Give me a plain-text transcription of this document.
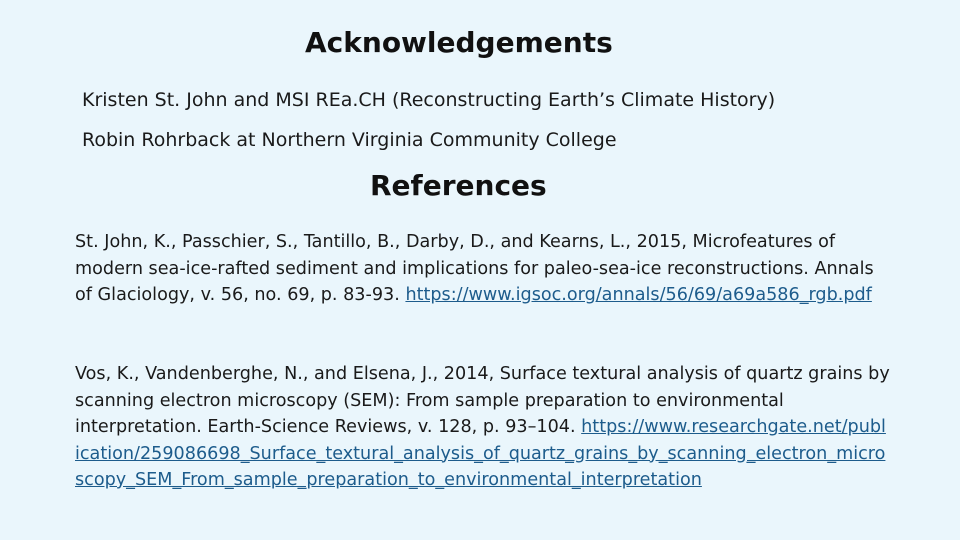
Acknowledgements
Kristen St. John and MSI REa.CH (Reconstructing Earth’s Climate History)
Robin Rohrback at Northern Virginia Community College
References
St. John, K., Passchier, S., Tantillo, B., Darby, D., and Kearns, L., 2015, Microfeatures of modern sea-ice-rafted sediment and implications for paleo-sea-ice reconstructions. Annals of Glaciology, v. 56, no. 69, p. 83-93. https://www.igsoc.org/annals/56/69/a69a586_rgb.pdf
Vos, K., Vandenberghe, N., and Elsena, J., 2014, Surface textural analysis of quartz grains by scanning electron microscopy (SEM): From sample preparation to environmental interpretation. Earth-Science Reviews, v. 128, p. 93–104. https://www.researchgate.net/publication/259086698_Surface_textural_analysis_of_quartz_grains_by_scanning_electron_microscopy_SEM_From_sample_preparation_to_environmental_interpretation
